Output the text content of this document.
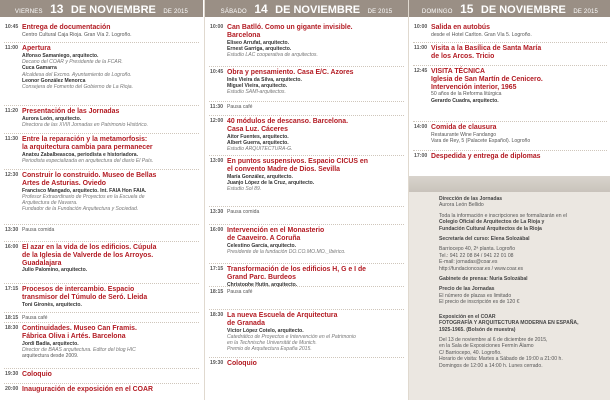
VIERNES 13 DE NOVIEMBRE DE 2015
10:45 Entrega de documentación
Centro Cultural Caja Rioja. Gran Vía 2. Logroño.
11:00 Apertura
Alfonso Samaniego, arquitecto.
Decano del COAR y Presidente de la FCAR.
Cuca Gamarra
Alcaldesa del Excmo. Ayuntamiento de Logroño.
Leonor González Menorca
Consejera de Fomento del Gobierno de La Rioja.
11:20 Presentación de las Jornadas
Aurora León, arquitecto.
Directora de las XVIII Jornadas en Patrimonio Histórico.
11:30 Entre la reparación y la metamorfosis:
la arquitectura cambia para permanecer
Anatxu Zabalbeascoa, periodista e historiadora.
Periodista especializada en arquitectura del diario El País.
12:30 Construir lo construido. Museo de Bellas
Artes de Asturias. Oviedo
Francisco Mangado, arquitecto. Int. FAIA Hon FAIA.
Profesor Extraordinario de Proyectos en la Escuela de
Arquitectura de Navarra.
Fundador de la Fundación Arquitectura y Sociedad.
13:30 Pausa comida
16:00 El azar en la vida de los edificios. Cúpula
de la Iglesia de Valverde de los Arroyos.
Guadalajara
Julio Palomino, arquitecto.
17:15 Procesos de intercambio. Espacio
transmisor del Túmulo de Seró. Lleida
Toni Gironès, arquitecto.
18:15 Pausa café
18:30 Continuidades. Museo Can Framis.
Fábrica Oliva i Artés. Barcelona
Jordi Badia, arquitecto.
Director de BAAS arquitectura. Editor del blog HIC
arquitectura desde 2009.
19:30 Coloquio
20:00 Inauguración de exposición en el COAR
SÁBADO 14 DE NOVIEMBRE DE 2015
10:00 Can Batlló. Como un gigante invisible.
Barcelona
Eliseo Arrufat, arquitecto.
Ernest Garriga, arquitecto.
Estudio LAC cooperativa de arquitectos.
10:45 Obra y pensamiento. Casa E/C. Azores
Inês Vieira da Silva, arquitecto.
Miguel Vieira, arquitecto.
Estudio SAMI-arquitectos.
11:30 Pausa café
12:00 40 módulos de descanso. Barcelona.
Casa Luz. Cáceres
Aitor Fuentes, arquitecto.
Albert Guerra, arquitecto.
Estudio ARQUITECTURA-G.
13:00 En puntos suspensivos. Espacio CICUS en
el convento Madre de Dios. Sevilla
María González, arquitecto.
Juanjo López de la Cruz, arquitecto.
Estudio Sol 89.
13:30 Pausa comida
16:00 Intervención en el Monasterio
de Caaveiro. A Coruña
Celestino García, arquitecto.
Presidente de la fundación DO.CO.MO.MO._Ibérico.
17:15 Transformación de los edificios H, G e I de
Grand Parc. Burdeos
Christophe Hutin, arquitecto.
18:15 Pausa café
18:30 La nueva Escuela de Arquitectura
de Granada
Víctor López Cotelo, arquitecto.
Catedrático de Proyectos e Intervención en el Patrimonio
en la Technische Universität de Munich.
Premio de Arquitectura España 2015.
19:30 Coloquio
DOMINGO 15 DE NOVIEMBRE DE 2015
Dirección de las Jornadas
Aurora León Bellido
Toda la información e inscripciones se formalizarán en el
Colegio Oficial de Arquitectos de La Rioja y
Fundación Cultural Arquitectos de la Rioja
Secretaría del curso: Elena Solozábal
Barriocepo 40, 2ª planta. Logroño
Tel.: 941 22 08 84 / 941 22 01 08
E-mail: jornadas@coar.es
http://fundacioncoar.es / www.coar.es
Gabinete de prensa: Nuria Solozábal
Precio de las Jornadas
El número de plazas es limitado
El precio de inscripción es de 120 €
Exposición en el COAR
FOTOGRAFÍA Y ARQUITECTURA MODERNA EN ESPAÑA,
1925-1965. (Bolsón de muestra)
Del 13 de noviembre al 6 de diciembre de 2015,
en la Sala de Exposiciones Fermín Álamo
C/ Barriocepo, 40. Logroño.
Horario de visita: Martes a Sábado de 19:00 a 21:00 h.
Domingos de 12:00 a 14:00 h. Lunes cerrado.
10:00 Salida en autobús
desde el Hotel Carlton. Gran Vía 5. Logroño.
11:00 Visita a la Basílica de Santa María
de los Arcos. Tricio
12:45 VISITA TÉCNICA
Iglesia de San Martín de Cenicero.
Intervención interior, 1965
50 años de la Reforma litúrgica
Gerardo Cuadra, arquitecto.
14:00 Comida de clausura
Restaurante Wine Fandango
Vara de Rey, 5 (Palacete Español). Logroño
17:00 Despedida y entrega de diplomas
